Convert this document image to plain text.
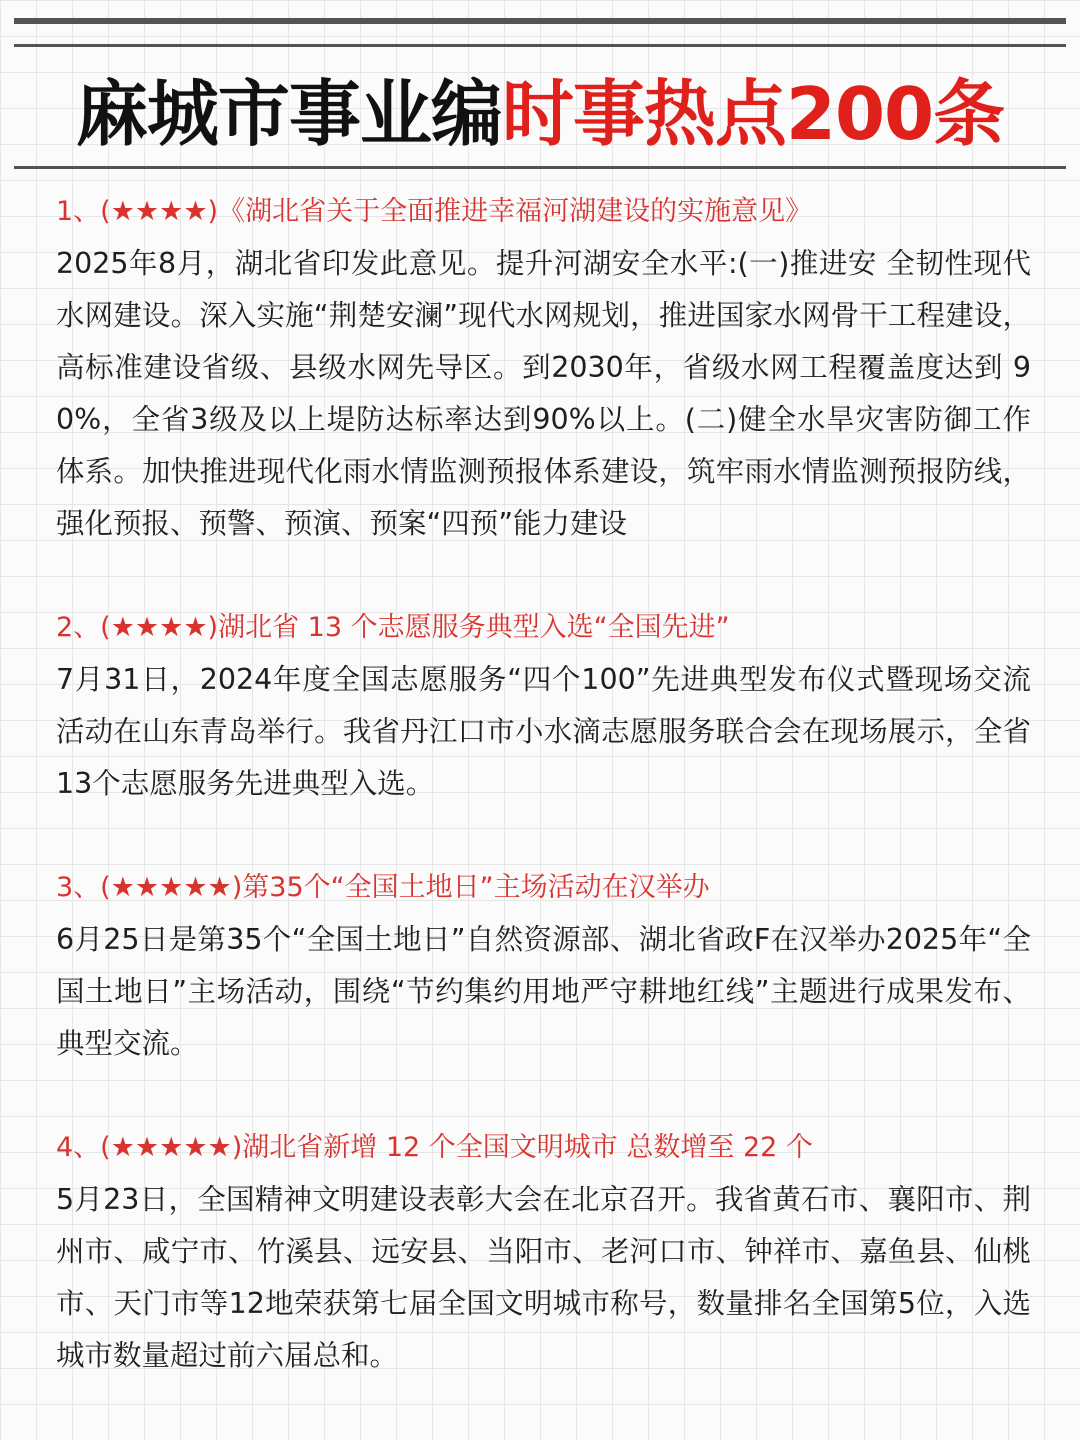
麻城市事业编时事热点200条

1、(★★★★)《湖北省关于全面推进幸福河湖建设的实施意见》

2025年8月，湖北省印发此意见。提升河湖安全水平:(一)推进安 全韧性现代水网建设。深入实施“荆楚安澜”现代水网规划，推进国家水网骨干工程建设，高标准建设省级、县级水网先导区。到2030年，省级水网工程覆盖度达到 90%，全省3级及以上堤防达标率达到90%以上。(二)健全水旱灾害防御工作体系。加快推进现代化雨水情监测预报体系建设，筑牢雨水情监测预报防线，强化预报、预警、预演、预案“四预”能力建设

2、(★★★★)湖北省 13 个志愿服务典型入选“全国先进”

7月31日，2024年度全国志愿服务“四个100”先进典型发布仪式暨现场交流活动在山东青岛举行。我省丹江口市小水滴志愿服务联合会在现场展示，全省 13个志愿服务先进典型入选。

3、(★★★★★)第35个“全国土地日”主场活动在汉举办

6月25日是第35个“全国土地日”自然资源部、湖北省政F在汉举办2025年“全国土地日”主场活动，围绕“节约集约用地严守耕地红线”主题进行成果发布、典型交流。

4、(★★★★★)湖北省新增 12 个全国文明城市 总数增至 22 个

5月23日，全国精神文明建设表彰大会在北京召开。我省黄石市、襄阳市、荆州市、咸宁市、竹溪县、远安县、当阳市、老河口市、钟祥市、嘉鱼县、仙桃市、天门市等12地荣获第七届全国文明城市称号，数量排名全国第5位，入选城市数量超过前六届总和。
